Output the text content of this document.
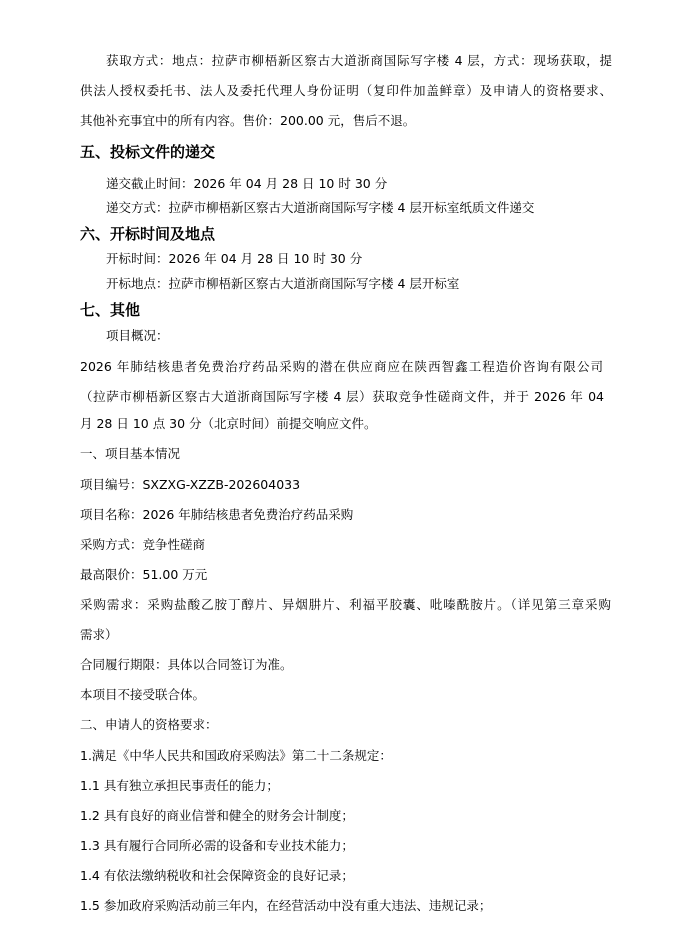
获取方式：地点：拉萨市柳梧新区察古大道浙商国际写字楼 4 层，方式：现场获取，提
供法人授权委托书、法人及委托代理人身份证明（复印件加盖鲜章）及申请人的资格要求、
其他补充事宜中的所有内容。售价：200.00 元，售后不退。
五、投标文件的递交
递交截止时间：2026 年 04 月 28 日 10 时 30 分
递交方式：拉萨市柳梧新区察古大道浙商国际写字楼 4 层开标室纸质文件递交
六、开标时间及地点
开标时间：2026 年 04 月 28 日 10 时 30 分
开标地点：拉萨市柳梧新区察古大道浙商国际写字楼 4 层开标室
七、其他
项目概况：
2026 年肺结核患者免费治疗药品采购的潜在供应商应在陕西智鑫工程造价咨询有限公司
（拉萨市柳梧新区察古大道浙商国际写字楼 4 层）获取竞争性磋商文件，并于 2026 年 04
月 28 日 10 点 30 分（北京时间）前提交响应文件。
一、项目基本情况
项目编号：SXZXG-XZZB-202604033
项目名称：2026 年肺结核患者免费治疗药品采购
采购方式：竞争性磋商
最高限价：51.00 万元
采购需求：采购盐酸乙胺丁醇片、异烟肼片、利福平胶囊、吡嗪酰胺片。（详见第三章采购
需求）
合同履行期限：具体以合同签订为准。
本项目不接受联合体。
二、申请人的资格要求：
1.满足《中华人民共和国政府采购法》第二十二条规定：
1.1 具有独立承担民事责任的能力；
1.2 具有良好的商业信誉和健全的财务会计制度；
1.3 具有履行合同所必需的设备和专业技术能力；
1.4 有依法缴纳税收和社会保障资金的良好记录；
1.5 参加政府采购活动前三年内，在经营活动中没有重大违法、违规记录；
